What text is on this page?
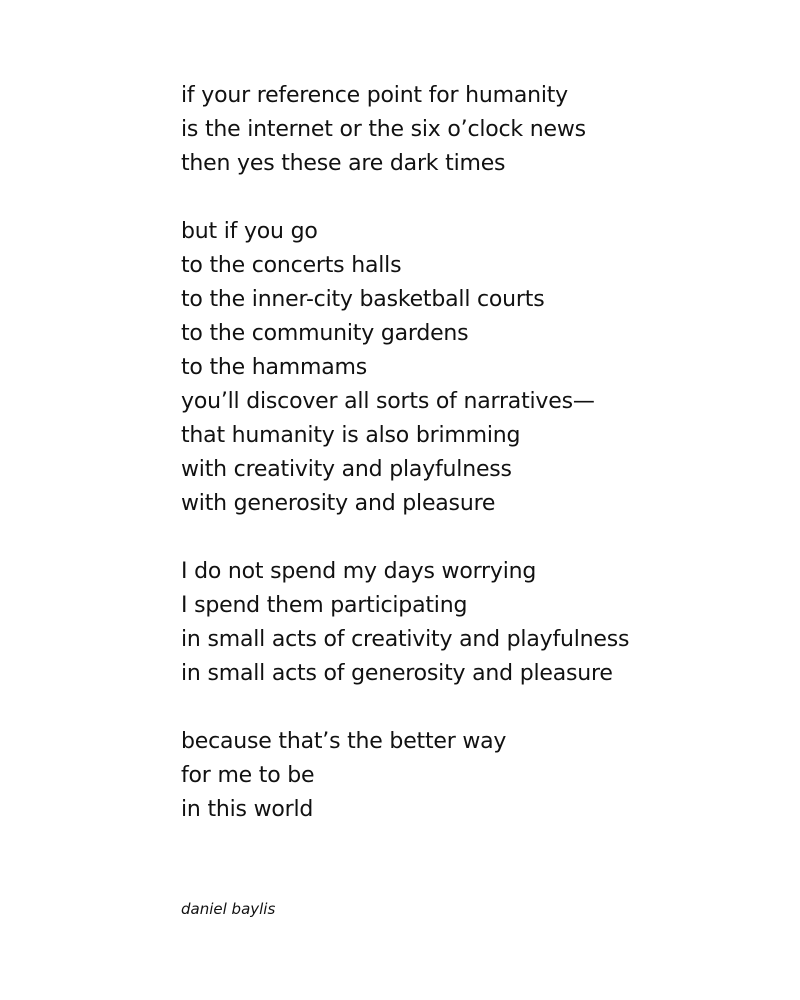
if your reference point for humanity
is the internet or the six o’clock news
then yes these are dark times
but if you go
to the concerts halls
to the inner-city basketball courts
to the community gardens
to the hammams
you’ll discover all sorts of narratives—
that humanity is also brimming
with creativity and playfulness
with generosity and pleasure
I do not spend my days worrying
I spend them participating
in small acts of creativity and playfulness
in small acts of generosity and pleasure
because that’s the better way
for me to be
in this world
daniel baylis
